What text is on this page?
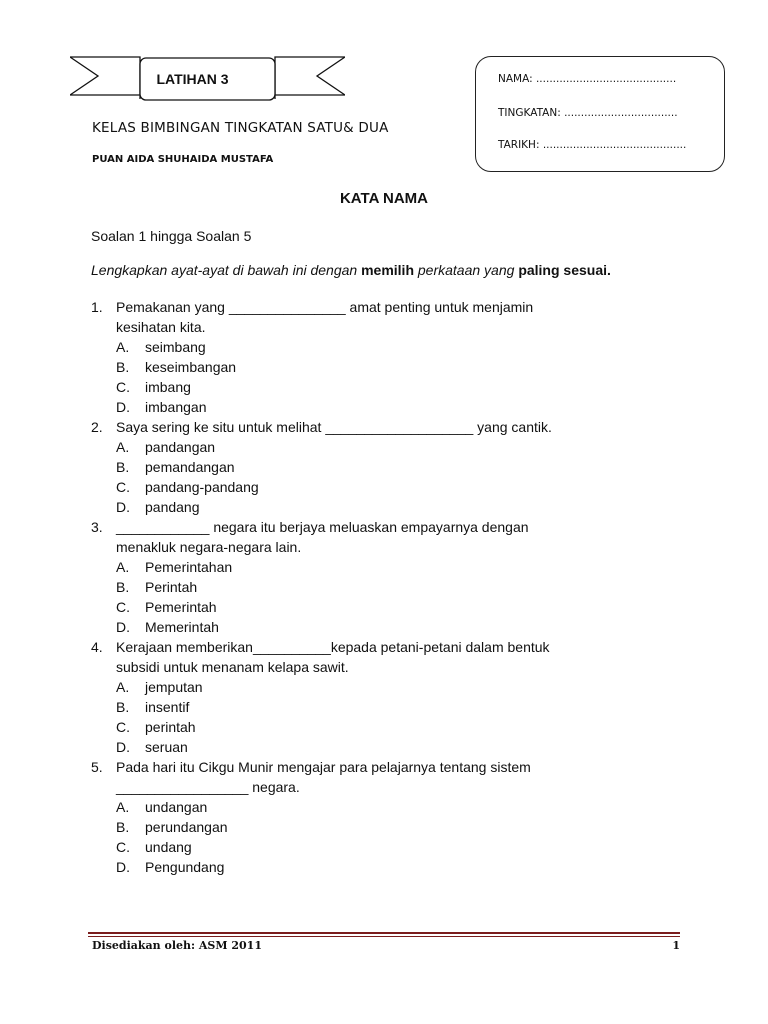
LATIHAN 3
KELAS BIMBINGAN TINGKATAN SATU& DUA
PUAN AIDA SHUHAIDA MUSTAFA
NAMA: ..........................................
TINGKATAN: ..................................
TARIKH: ...........................................
KATA NAMA
Soalan 1 hingga Soalan 5
Lengkapkan ayat-ayat di bawah ini dengan memilih perkataan yang paling sesuai.
1. Pemakanan yang _______________ amat penting untuk menjamin
kesihatan kita.
A.	seimbang
B.	keseimbangan
C.	imbang
D.	imbangan
2. Saya sering ke situ untuk melihat ___________________ yang cantik.
A.	pandangan
B.	pemandangan
C.	pandang-pandang
D.	pandang
3. ____________ negara itu berjaya meluaskan empayarnya dengan
menakluk negara-negara lain.
A.	Pemerintahan
B.	Perintah
C.	Pemerintah
D.	Memerintah
4. Kerajaan memberikan__________kepada petani-petani dalam bentuk
subsidi untuk menanam kelapa sawit.
A.	jemputan
B.	insentif
C.	perintah
D.	seruan
5. Pada hari itu Cikgu Munir mengajar para pelajarnya tentang sistem
_________________ negara.
A.	undangan
B.	perundangan
C.	undang
D.	Pengundang
Disediakan oleh: ASM 2011	1
